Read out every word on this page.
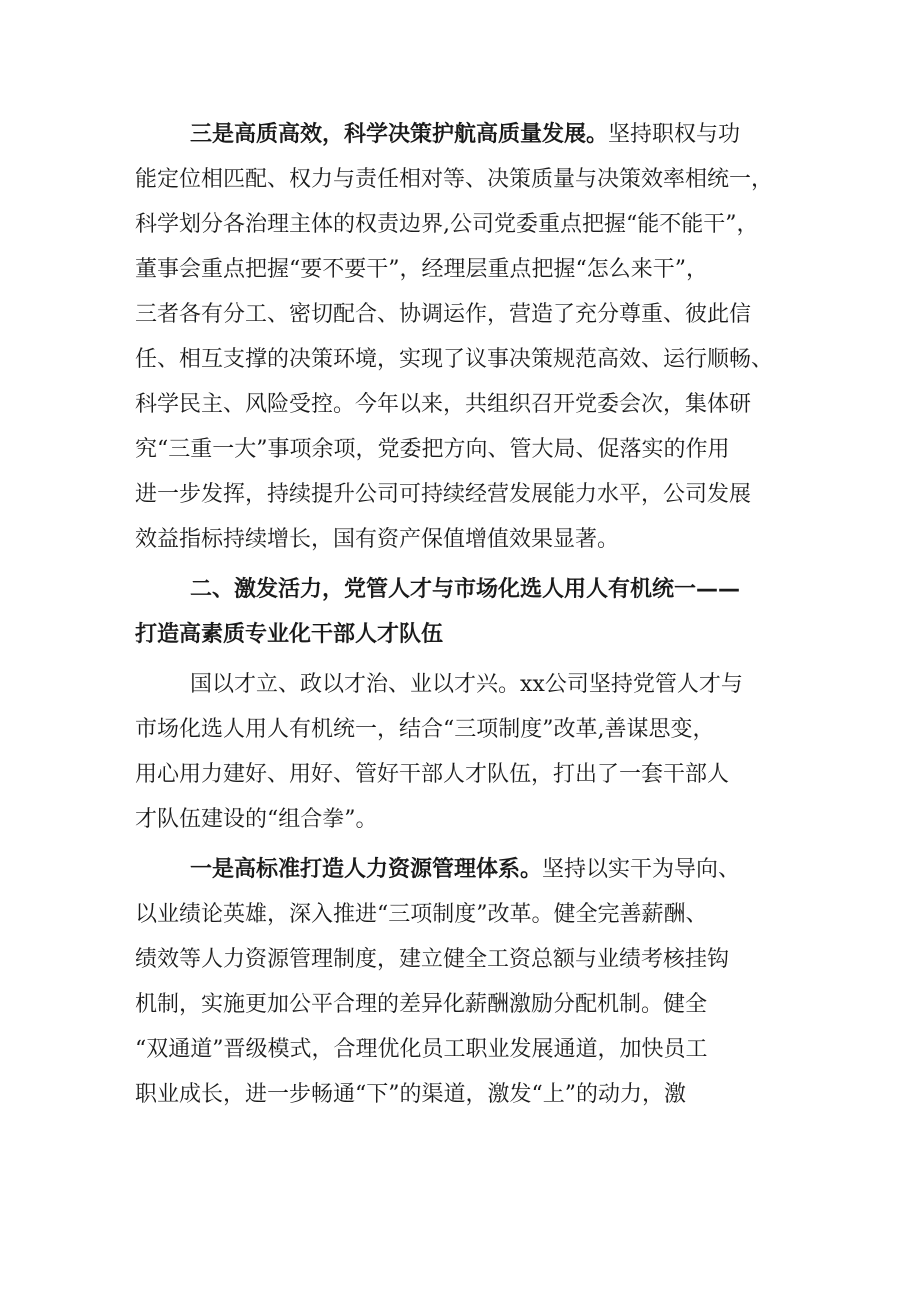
三是高质高效，科学决策护航高质量发展。坚持职权与功
能定位相匹配、权力与责任相对等、决策质量与决策效率相统一，
科学划分各治理主体的权责边界,公司党委重点把握“能不能干”，
董事会重点把握“要不要干”，经理层重点把握“怎么来干”，
三者各有分工、密切配合、协调运作，营造了充分尊重、彼此信
任、相互支撑的决策环境，实现了议事决策规范高效、运行顺畅、
科学民主、风险受控。今年以来，共组织召开党委会次，集体研
究“三重一大”事项余项，党委把方向、管大局、促落实的作用
进一步发挥，持续提升公司可持续经营发展能力水平，公司发展
效益指标持续增长，国有资产保值增值效果显著。
二、激发活力，党管人才与市场化选人用人有机统一——
打造高素质专业化干部人才队伍
国以才立、政以才治、业以才兴。xx公司坚持党管人才与
市场化选人用人有机统一，结合“三项制度”改革,善谋思变，
用心用力建好、用好、管好干部人才队伍，打出了一套干部人
才队伍建设的“组合拳”。
一是高标准打造人力资源管理体系。坚持以实干为导向、
以业绩论英雄，深入推进“三项制度”改革。健全完善薪酬、
绩效等人力资源管理制度，建立健全工资总额与业绩考核挂钩
机制，实施更加公平合理的差异化薪酬激励分配机制。健全
“双通道”晋级模式，合理优化员工职业发展通道，加快员工
职业成长，进一步畅通“下”的渠道，激发“上”的动力，激
